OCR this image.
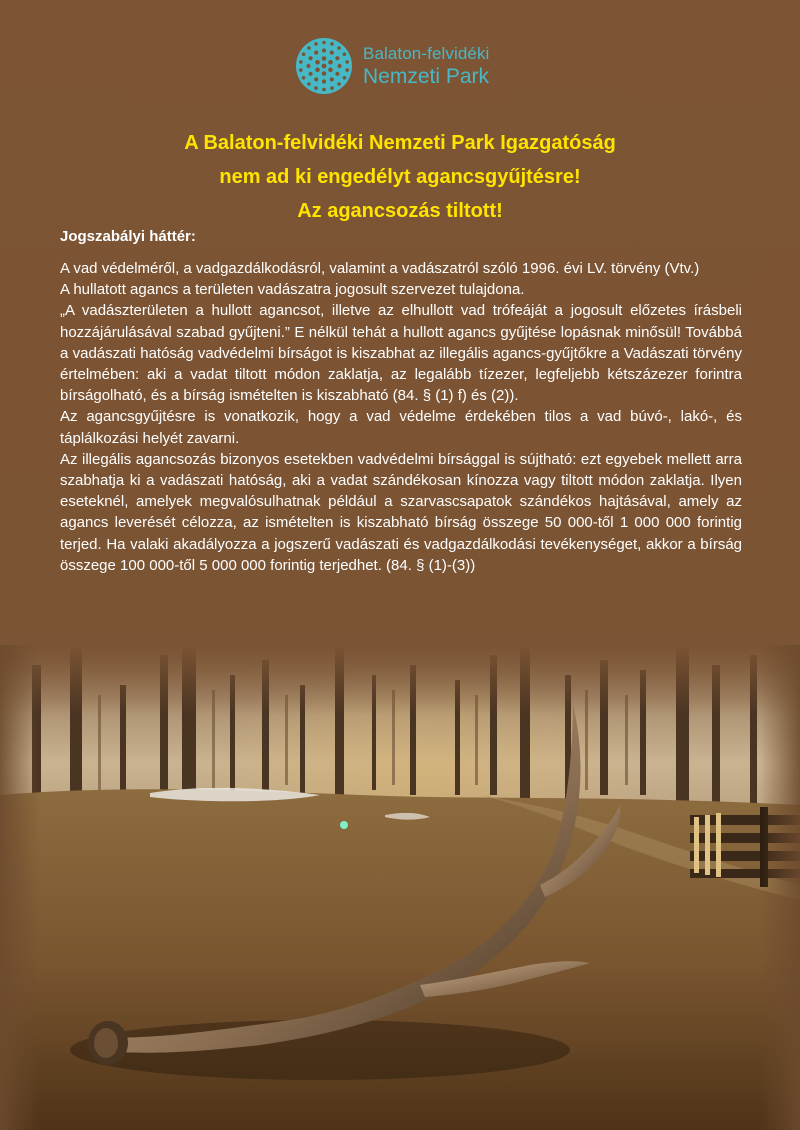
Balaton-felvidéki
Nemzeti Park
A Balaton-felvidéki Nemzeti Park Igazgatóság
nem ad ki engedélyt agancsgyűjtésre!
Az agancsozás tiltott!
Jogszabályi háttér:

A vad védelméről, a vadgazdálkodásról, valamint a vadászatról szóló 1996. évi LV. törvény (Vtv.)

A hullatott agancs a területen vadászatra jogosult szervezet tulajdona.

„A vadászterületen a hullott agancsot, illetve az elhullott vad trófeáját a jogosult előzetes írásbeli hozzájárulásával szabad gyűjteni.” E nélkül tehát a hullott agancs gyűjtése lopásnak minősül! Továbbá a vadászati hatóság vadvédelmi bírságot is kiszabhat az illegális agancs-gyűjtőkre a Vadászati törvény értelmében: aki a vadat tiltott módon zaklatja, az legalább tízezer, legfeljebb kétszázezer forintra bírságolható, és a bírság ismételten is kiszabható (84. § (1) f) és (2)).

Az agancsgyűjtésre is vonatkozik, hogy a vad védelme érdekében tilos a vad búvó-, lakó-, és táplálkozási helyét zavarni.

Az illegális agancsozás bizonyos esetekben vadvédelmi bírsággal is sújtható: ezt egyebek mellett arra szabhatja ki a vadászati hatóság, aki a vadat szándékosan kínozza vagy tiltott módon zaklatja. Ilyen eseteknél, amelyek megvalósulhatnak például a szarvascsapatok szándékos hajtásával, amely az agancs leverését célozza, az ismételten is kiszabható bírság összege 50 000-től 1 000 000 forintig terjed. Ha valaki akadályozza a jogszerű vadászati és vadgazdálkodási tevékenységet, akkor a bírság összege 100 000-től 5 000 000 forintig terjedhet. (84. § (1)-(3))
